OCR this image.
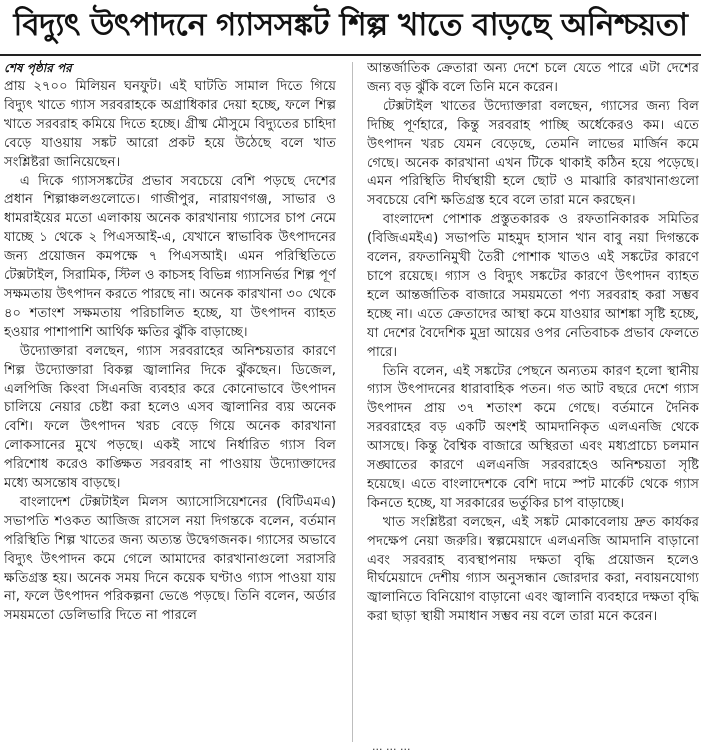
বিদ্যুৎ উৎপাদনে গ্যাসসঙ্কট শিল্প খাতে বাড়ছে অনিশ্চয়তা
শেষ পৃষ্ঠার পর

প্রায় ২৭০০ মিলিয়ন ঘনফুট। এই ঘাটতি সামাল দিতে গিয়ে বিদ্যুৎ খাতে গ্যাস সরবরাহকে অগ্রাধিকার দেয়া হচ্ছে, ফলে শিল্প খাতে সরবরাহ কমিয়ে দিতে হচ্ছে। গ্রীষ্ম মৌসুমে বিদ্যুতের চাহিদা বেড়ে যাওয়ায় সঙ্কট আরো প্রকট হয়ে উঠেছে বলে খাত সংশ্লিষ্টরা জানিয়েছেন।

এ দিকে গ্যাসসঙ্কটের প্রভাব সবচেয়ে বেশি পড়ছে দেশের প্রধান শিল্পাঞ্চলগুলোতে। গাজীপুর, নারায়ণগঞ্জ, সাভার ও ধামরাইয়ের মতো এলাকায় অনেক কারখানায় গ্যাসের চাপ নেমে যাচ্ছে ১ থেকে ২ পিএসআই-এ, যেখানে স্বাভাবিক উৎপাদনের জন্য প্রয়োজন কমপক্ষে ৭ পিএসআই। এমন পরিস্থিতিতে টেক্সটাইল, সিরামিক, স্টিল ও কাচসহ বিভিন্ন গ্যাসনির্ভর শিল্প পূর্ণ সক্ষমতায় উৎপাদন করতে পারছে না। অনেক কারখানা ৩০ থেকে ৪০ শতাংশ সক্ষমতায় পরিচালিত হচ্ছে, যা উৎপাদন ব্যাহত হওয়ার পাশাপাশি আর্থিক ক্ষতির ঝুঁকি বাড়াচ্ছে।

উদ্যোক্তারা বলছেন, গ্যাস সরবরাহের অনিশ্চয়তার কারণে শিল্প উদ্যোক্তারা বিকল্প জ্বালানির দিকে ঝুঁকছেন। ডিজেল, এলপিজি কিংবা সিএনজি ব্যবহার করে কোনোভাবে উৎপাদন চালিয়ে নেয়ার চেষ্টা করা হলেও এসব জ্বালানির ব্যয় অনেক বেশি। ফলে উৎপাদন খরচ বেড়ে গিয়ে অনেক কারখানা লোকসানের মুখে পড়ছে। একই সাথে নির্ধারিত গ্যাস বিল পরিশোধ করেও কাঙ্ক্ষিত সরবরাহ না পাওয়ায় উদ্যোক্তাদের মধ্যে অসন্তোষ বাড়ছে।

বাংলাদেশ টেক্সটাইল মিলস অ্যাসোসিয়েশনের (বিটিএমএ) সভাপতি শওকত আজিজ রাসেল নয়া দিগন্তকে বলেন, বর্তমান পরিস্থিতি শিল্প খাতের জন্য অত্যন্ত উদ্বেগজনক। গ্যাসের অভাবে বিদ্যুৎ উৎপাদন কমে গেলে আমাদের কারখানাগুলো সরাসরি ক্ষতিগ্রস্ত হয়। অনেক সময় দিনে কয়েক ঘণ্টাও গ্যাস পাওয়া যায় না, ফলে উৎপাদন পরিকল্পনা ভেঙে পড়ছে। তিনি বলেন, অর্ডার সময়মতো ডেলিভারি দিতে না পারলে

আন্তর্জাতিক ক্রেতারা অন্য দেশে চলে যেতে পারে এটা দেশের জন্য বড় ঝুঁকি বলে তিনি মনে করেন।

টেক্সটাইল খাতের উদ্যোক্তারা বলছেন, গ্যাসের জন্য বিল দিচ্ছি পূর্ণহারে, কিন্তু সরবরাহ পাচ্ছি অর্ধেকেরও কম। এতে উৎপাদন খরচ যেমন বেড়েছে, তেমনি লাভের মার্জিন কমে গেছে। অনেক কারখানা এখন টিকে থাকাই কঠিন হয়ে পড়েছে। এমন পরিস্থিতি দীর্ঘস্থায়ী হলে ছোট ও মাঝারি কারখানাগুলো সবচেয়ে বেশি ক্ষতিগ্রস্ত হবে বলে তারা মনে করছেন।

বাংলাদেশ পোশাক প্রস্তুতকারক ও রফতানিকারক সমিতির (বিজিএমইএ) সভাপতি মাহমুদ হাসান খান বাবু নয়া দিগন্তকে বলেন, রফতানিমুখী তৈরী পোশাক খাতও এই সঙ্কটের কারণে চাপে রয়েছে। গ্যাস ও বিদ্যুৎ সঙ্কটের কারণে উৎপাদন ব্যাহত হলে আন্তর্জাতিক বাজারে সময়মতো পণ্য সরবরাহ করা সম্ভব হচ্ছে না। এতে ক্রেতাদের আস্থা কমে যাওয়ার আশঙ্কা সৃষ্টি হচ্ছে, যা দেশের বৈদেশিক মুদ্রা আয়ের ওপর নেতিবাচক প্রভাব ফেলতে পারে।

তিনি বলেন, এই সঙ্কটের পেছনে অন্যতম কারণ হলো স্থানীয় গ্যাস উৎপাদনের ধারাবাহিক পতন। গত আট বছরে দেশে গ্যাস উৎপাদন প্রায় ৩৭ শতাংশ কমে গেছে। বর্তমানে দৈনিক সরবরাহের বড় একটি অংশই আমদানিকৃত এলএনজি থেকে আসছে। কিন্তু বৈশ্বিক বাজারে অস্থিরতা এবং মধ্যপ্রাচ্যে চলমান সঙ্ঘাতের কারণে এলএনজি সরবরাহেও অনিশ্চয়তা সৃষ্টি হয়েছে। এতে বাংলাদেশকে বেশি দামে স্পট মার্কেট থেকে গ্যাস কিনতে হচ্ছে, যা সরকারের ভর্তুকির চাপ বাড়াচ্ছে।

খাত সংশ্লিষ্টরা বলছেন, এই সঙ্কট মোকাবেলায় দ্রুত কার্যকর পদক্ষেপ নেয়া জরুরি। স্বল্পমেয়াদে এলএনজি আমদানি বাড়ানো এবং সরবরাহ ব্যবস্থাপনায় দক্ষতা বৃদ্ধি প্রয়োজন হলেও দীর্ঘমেয়াদে দেশীয় গ্যাস অনুসন্ধান জোরদার করা, নবায়নযোগ্য জ্বালানিতে বিনিয়োগ বাড়ানো এবং জ্বালানি ব্যবহারে দক্ষতা বৃদ্ধি করা ছাড়া স্থায়ী সমাধান সম্ভব নয় বলে তারা মনে করেন।

... ... ...
